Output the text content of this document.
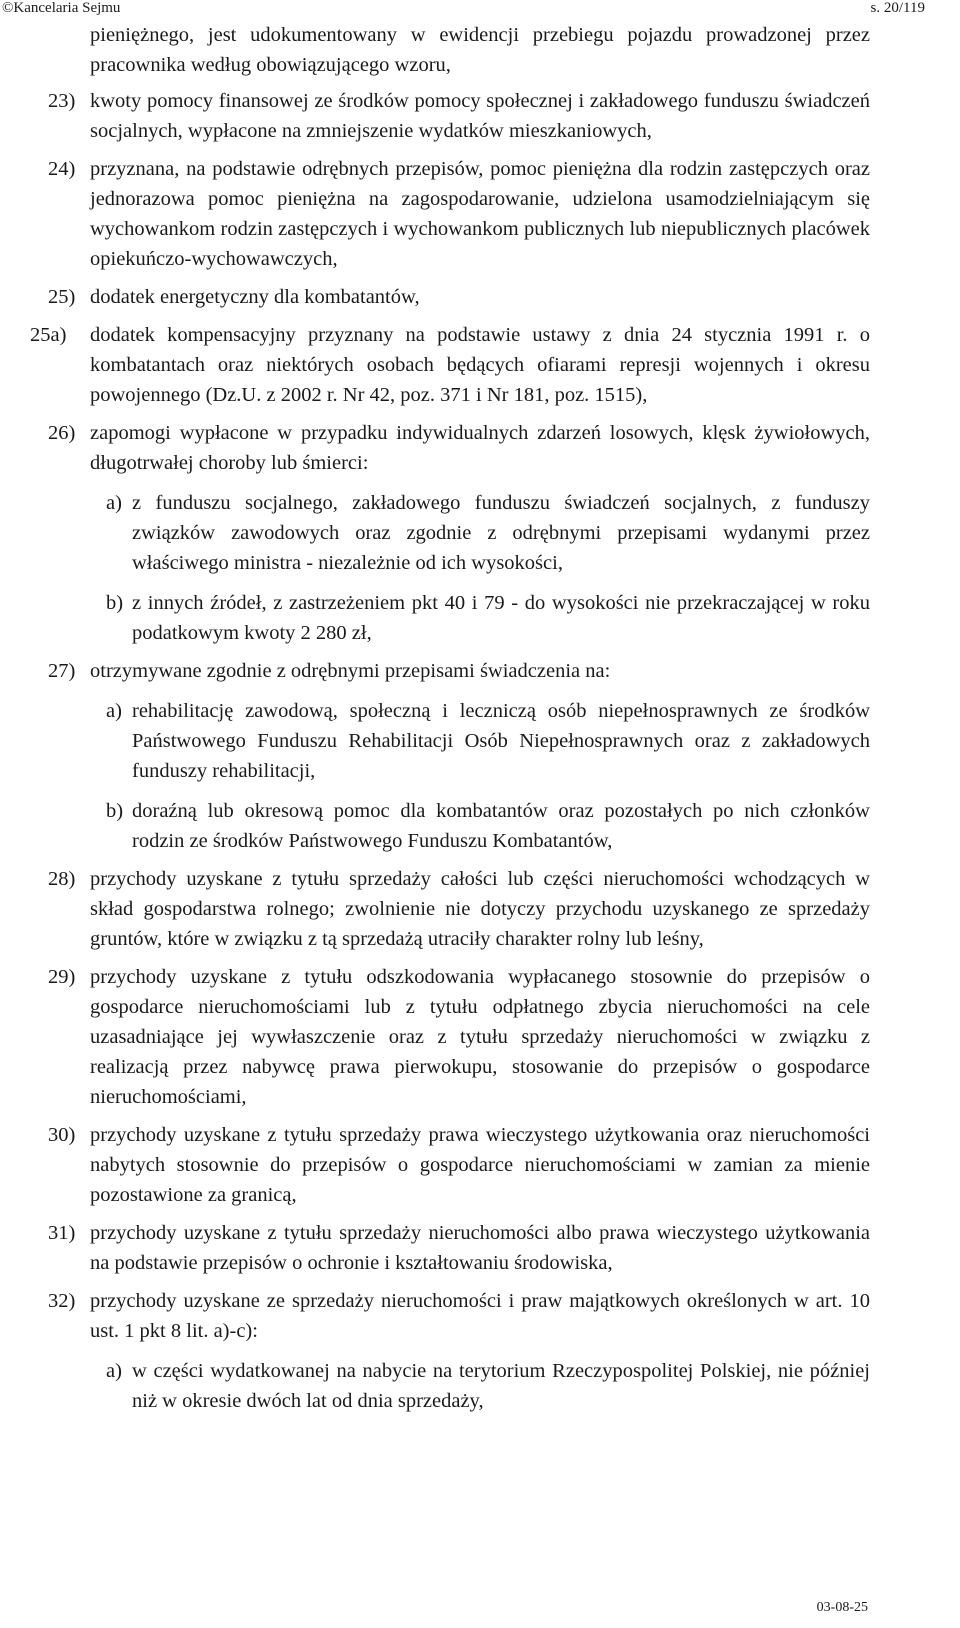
©Kancelaria Sejmu	s. 20/119

pieniężnego, jest udokumentowany w ewidencji przebiegu pojazdu prowadzonej przez pracownika według obowiązującego wzoru,

23) kwoty pomocy finansowej ze środków pomocy społecznej i zakładowego funduszu świadczeń socjalnych, wypłacone na zmniejszenie wydatków mieszkaniowych,

24) przyznana, na podstawie odrębnych przepisów, pomoc pieniężna dla rodzin zastępczych oraz jednorazowa pomoc pieniężna na zagospodarowanie, udzielona usamodzielniającym się wychowankom rodzin zastępczych i wychowankom publicznych lub niepublicznych placówek opiekuńczo-wychowawczych,

25) dodatek energetyczny dla kombatantów,

25a) dodatek kompensacyjny przyznany na podstawie ustawy z dnia 24 stycznia 1991 r. o kombatantach oraz niektórych osobach będących ofiarami represji wojennych i okresu powojennego (Dz.U. z 2002 r. Nr 42, poz. 371 i Nr 181, poz. 1515),

26) zapomogi wypłacone w przypadku indywidualnych zdarzeń losowych, klęsk żywiołowych, długotrwałej choroby lub śmierci:

a) z funduszu socjalnego, zakładowego funduszu świadczeń socjalnych, z funduszy związków zawodowych oraz zgodnie z odrębnymi przepisami wydanymi przez właściwego ministra - niezależnie od ich wysokości,

b) z innych źródeł, z zastrzeżeniem pkt 40 i 79 - do wysokości nie przekraczającej w roku podatkowym kwoty 2 280 zł,

27) otrzymywane zgodnie z odrębnymi przepisami świadczenia na:

a) rehabilitację zawodową, społeczną i leczniczą osób niepełnosprawnych ze środków Państwowego Funduszu Rehabilitacji Osób Niepełnosprawnych oraz z zakładowych funduszy rehabilitacji,

b) doraźną lub okresową pomoc dla kombatantów oraz pozostałych po nich członków rodzin ze środków Państwowego Funduszu Kombatantów,

28) przychody uzyskane z tytułu sprzedaży całości lub części nieruchomości wchodzących w skład gospodarstwa rolnego; zwolnienie nie dotyczy przychodu uzyskanego ze sprzedaży gruntów, które w związku z tą sprzedażą utraciły charakter rolny lub leśny,

29) przychody uzyskane z tytułu odszkodowania wypłacanego stosownie do przepisów o gospodarce nieruchomościami lub z tytułu odpłatnego zbycia nieruchomości na cele uzasadniające jej wywłaszczenie oraz z tytułu sprzedaży nieruchomości w związku z realizacją przez nabywcę prawa pierwokupu, stosowanie do przepisów o gospodarce nieruchomościami,

30) przychody uzyskane z tytułu sprzedaży prawa wieczystego użytkowania oraz nieruchomości nabytych stosownie do przepisów o gospodarce nieruchomościami w zamian za mienie pozostawione za granicą,

31) przychody uzyskane z tytułu sprzedaży nieruchomości albo prawa wieczystego użytkowania na podstawie przepisów o ochronie i kształtowaniu środowiska,

32) przychody uzyskane ze sprzedaży nieruchomości i praw majątkowych określonych w art. 10 ust. 1 pkt 8 lit. a)-c):

a) w części wydatkowanej na nabycie na terytorium Rzeczypospolitej Polskiej, nie później niż w okresie dwóch lat od dnia sprzedaży,

03-08-25
